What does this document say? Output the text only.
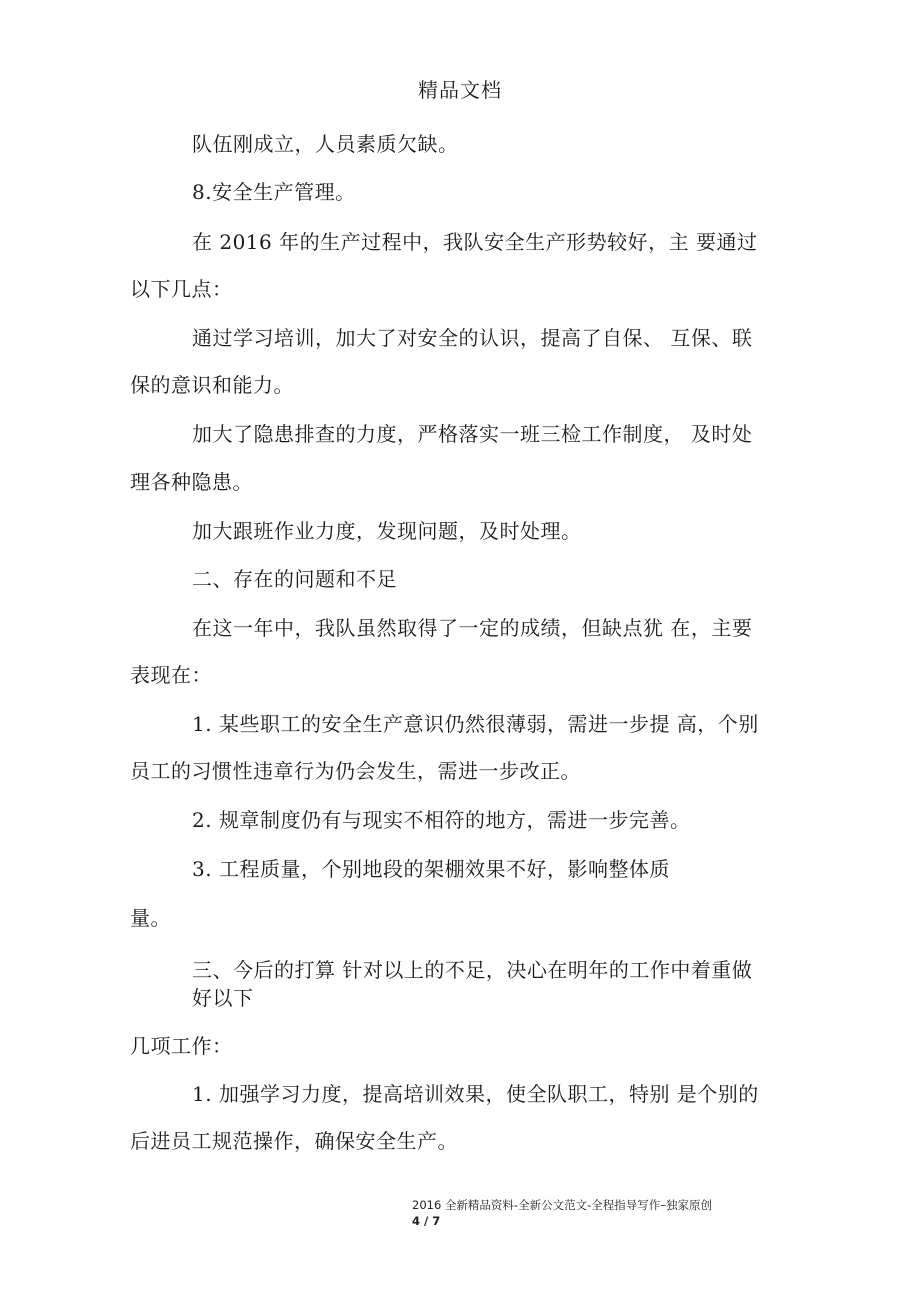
精品文档
队伍刚成立，人员素质欠缺。
8.安全生产管理。
在 2016 年的生产过程中，我队安全生产形势较好，主 要通过
以下几点：
通过学习培训，加大了对安全的认识，提高了自保、 互保、联
保的意识和能力。
加大了隐患排查的力度，严格落实一班三检工作制度， 及时处
理各种隐患。
加大跟班作业力度，发现问题，及时处理。
二、存在的问题和不足
在这一年中，我队虽然取得了一定的成绩，但缺点犹 在，主要
表现在：
1. 某些职工的安全生产意识仍然很薄弱，需进一步提 高，个别
员工的习惯性违章行为仍会发生，需进一步改正。
2. 规章制度仍有与现实不相符的地方，需进一步完善。
3. 工程质量，个别地段的架棚效果不好，影响整体质
量。
三、今后的打算 针对以上的不足，决心在明年的工作中着重做
好以下
几项工作：
1. 加强学习力度，提高培训效果，使全队职工，特别 是个别的
后进员工规范操作，确保安全生产。
2016 全新精品资料-全新公文范文-全程指导写作–独家原创
4 / 7
